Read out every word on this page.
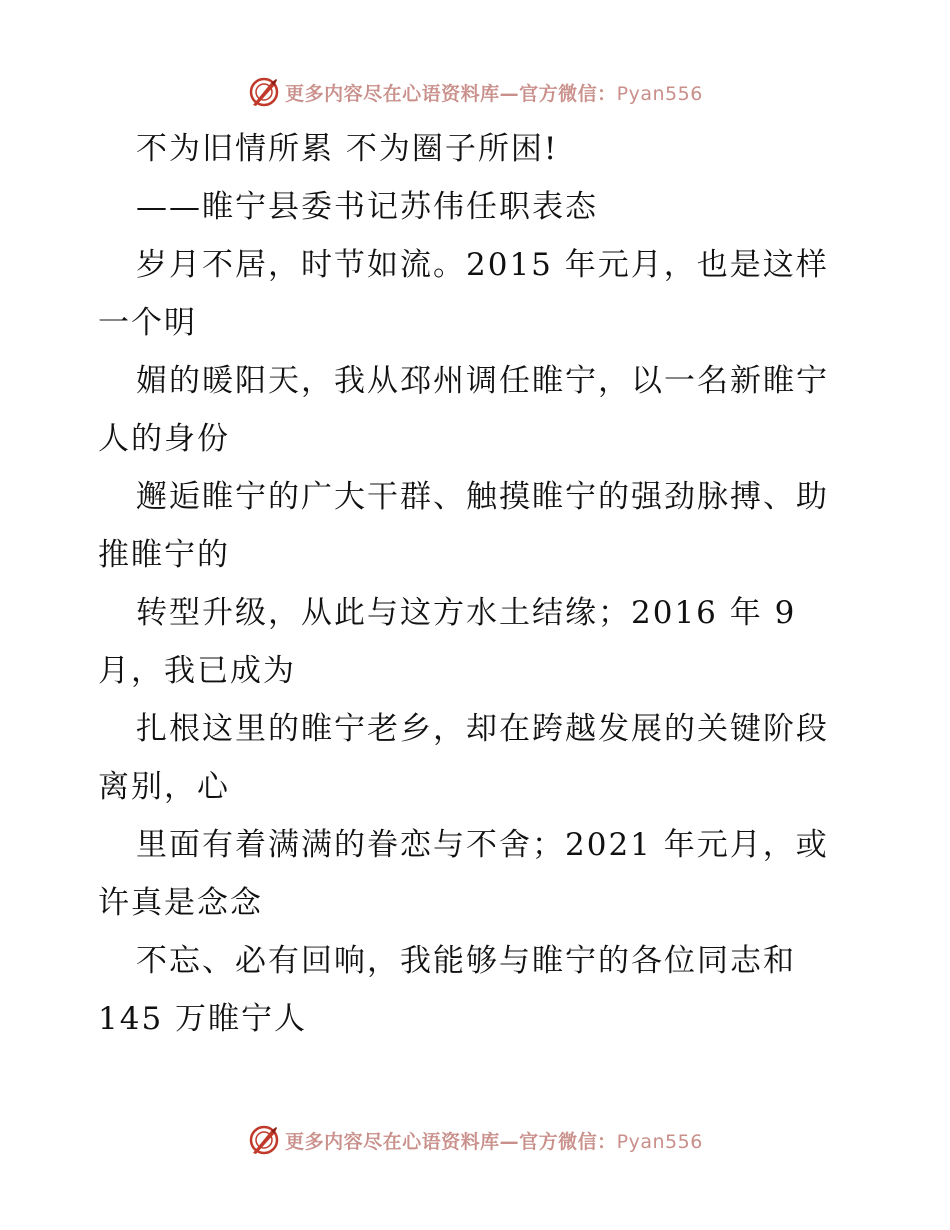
更多内容尽在心语资料库—官方微信：Pyan556
不为旧情所累 不为圈子所困!
——睢宁县委书记苏伟任职表态
岁月不居，时节如流。2015 年元月，也是这样
一个明
媚的暖阳天，我从邳州调任睢宁，以一名新睢宁
人的身份
邂逅睢宁的广大干群、触摸睢宁的强劲脉搏、助
推睢宁的
转型升级，从此与这方水土结缘；2016 年 9
月，我已成为
扎根这里的睢宁老乡，却在跨越发展的关键阶段
离别，心
里面有着满满的眷恋与不舍；2021 年元月，或
许真是念念
不忘、必有回响，我能够与睢宁的各位同志和
145 万睢宁人
更多内容尽在心语资料库—官方微信：Pyan556
